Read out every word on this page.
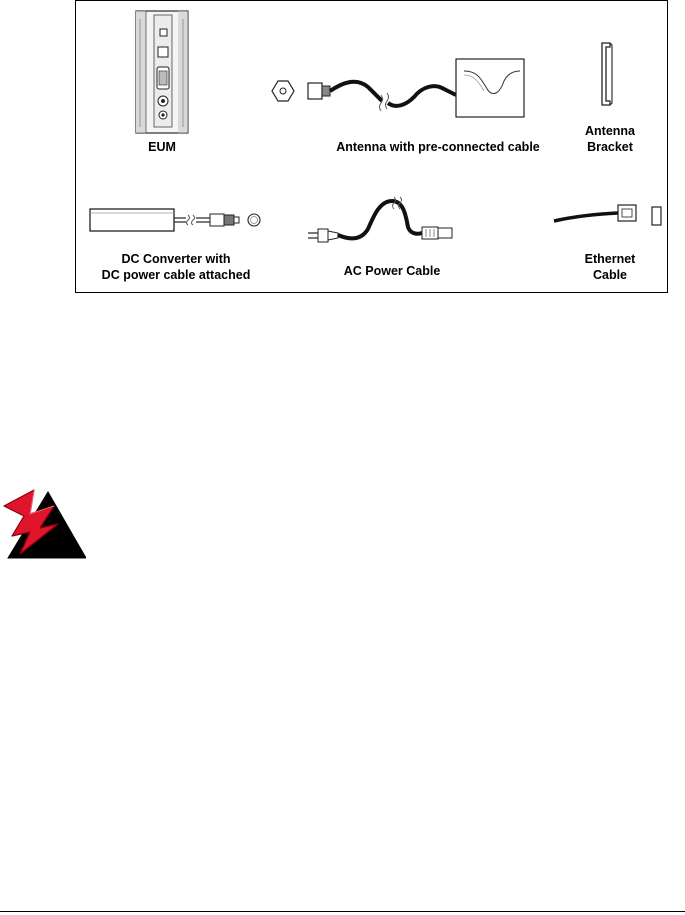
EUM	Antenna with pre-connected cable
Antenna
Bracket
DC Converter with
DC power cable attached	AC Power Cable
Ethernet
Cable
